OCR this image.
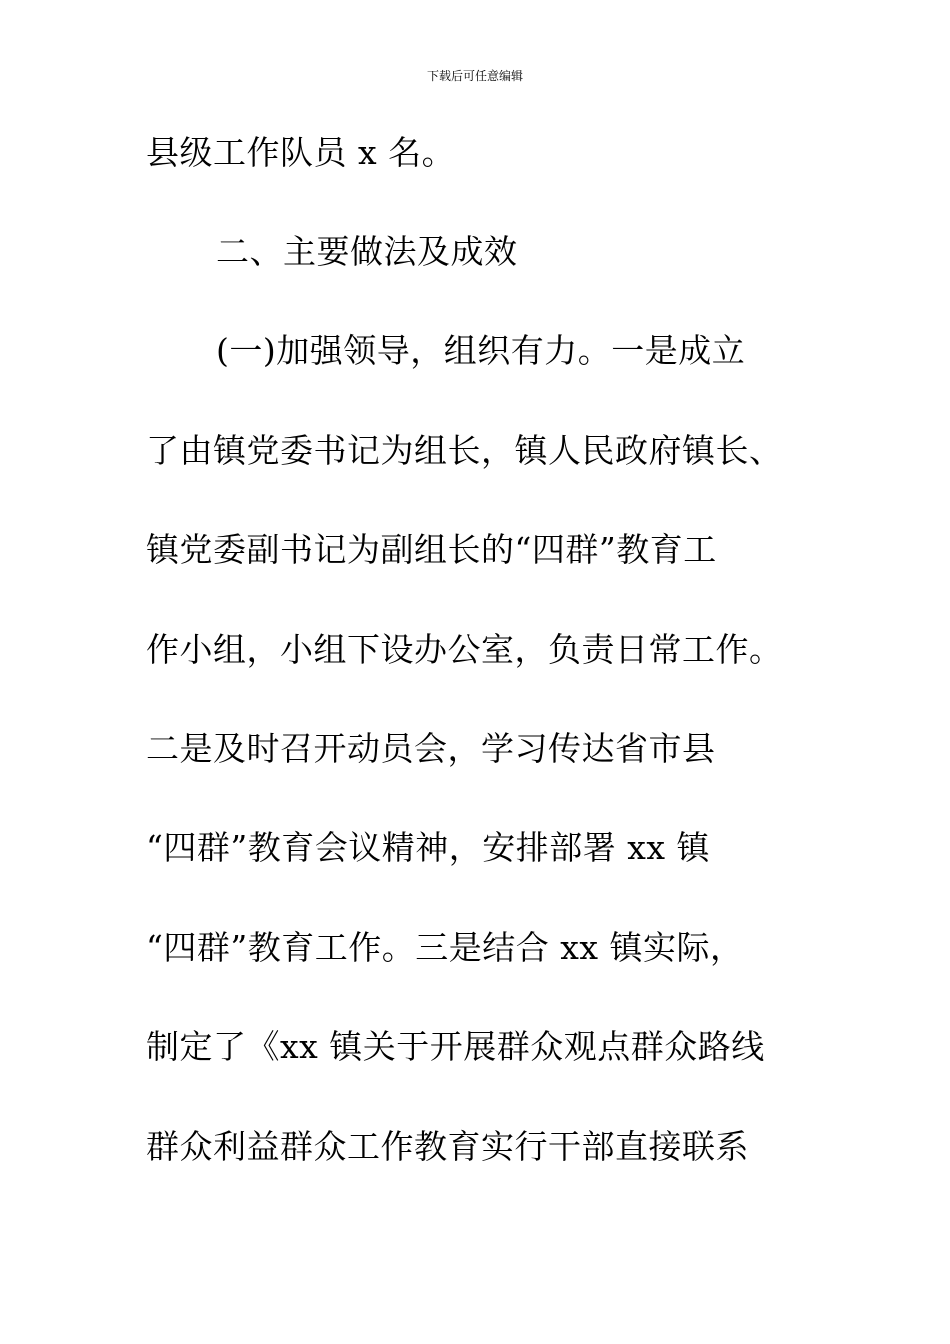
下载后可任意编辑
县级工作队员 x 名。
二、主要做法及成效
(一)加强领导，组织有力。一是成立
了由镇党委书记为组长，镇人民政府镇长、
镇党委副书记为副组长的“四群”教育工
作小组，小组下设办公室，负责日常工作。
二是及时召开动员会，学习传达省市县
“四群”教育会议精神，安排部署 xx 镇
“四群”教育工作。三是结合 xx 镇实际，
制定了《xx 镇关于开展群众观点群众路线
群众利益群众工作教育实行干部直接联系
